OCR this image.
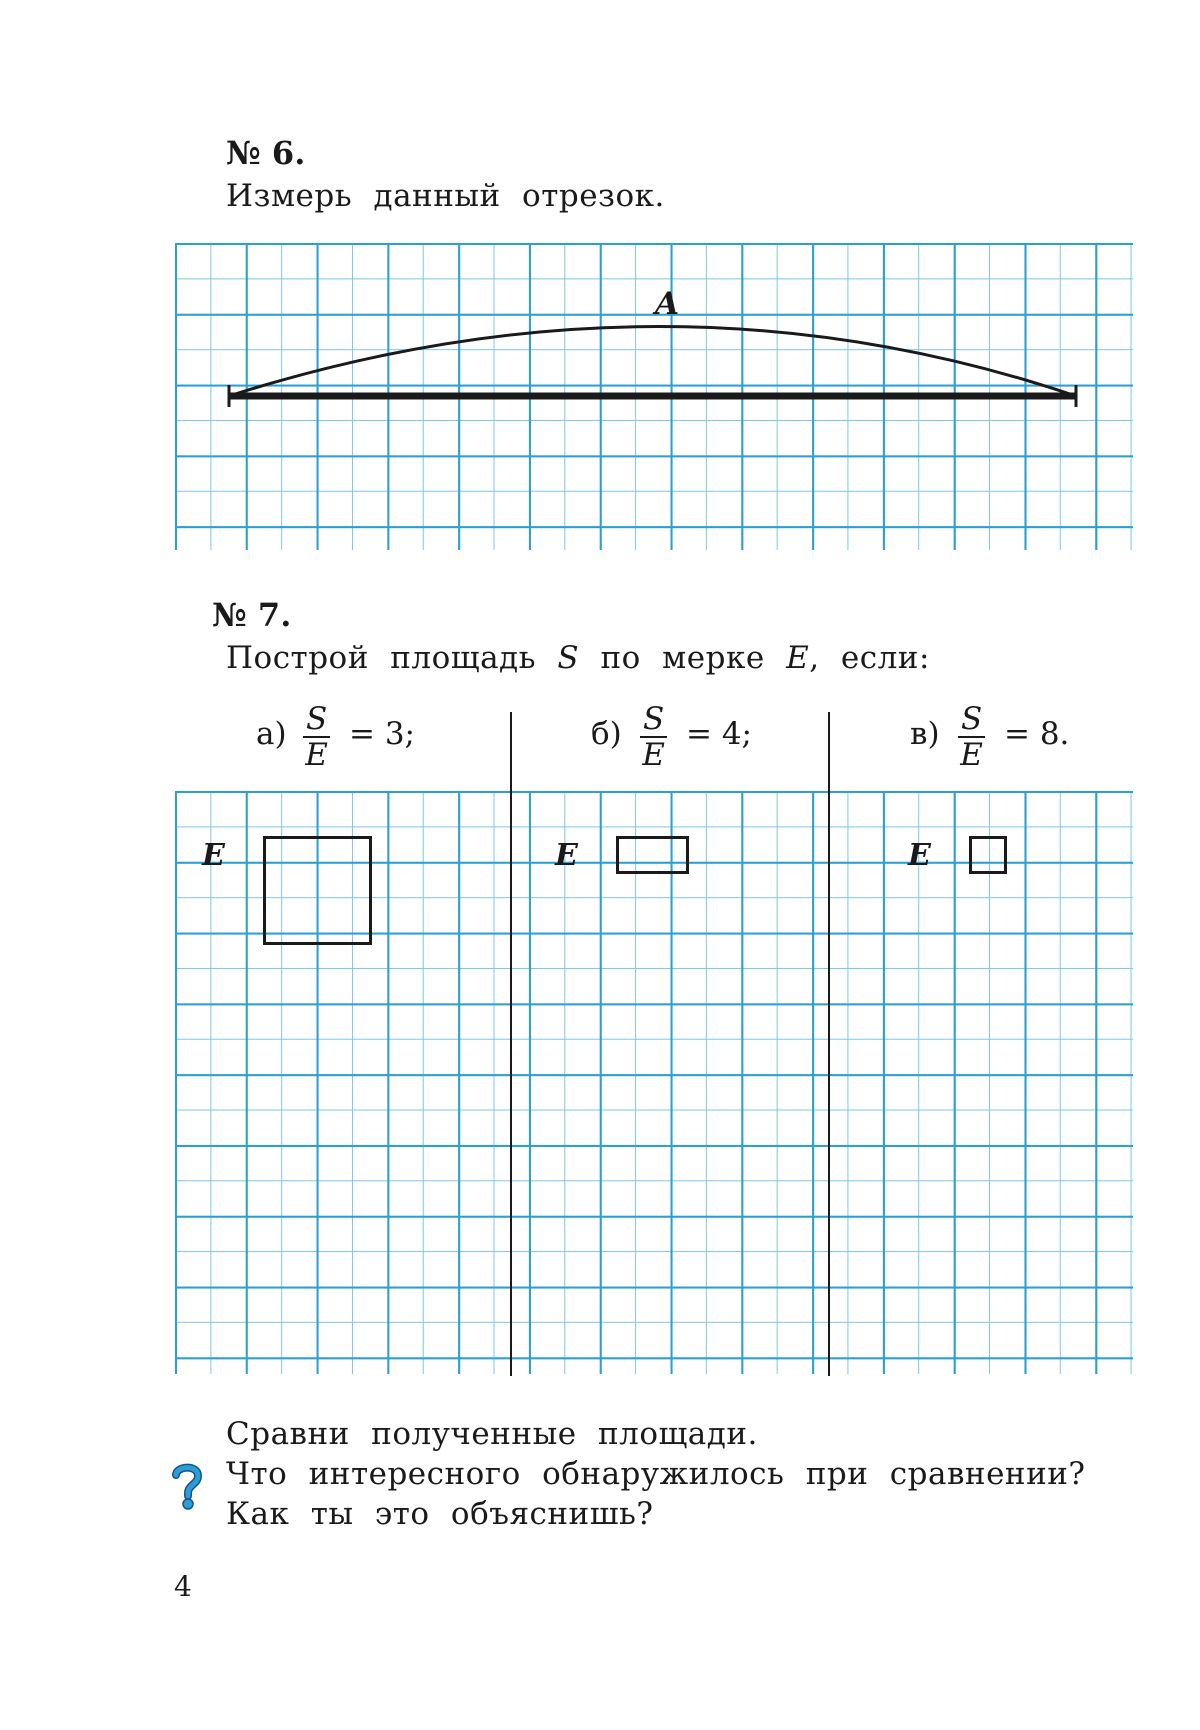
№ 6.
Измерь данный отрезок.
A
№ 7.
Построй площадь S по мерке E, если:
$а) \frac{S}{E} = 3$;	$б) \frac{S}{E} = 4$;	$в) \frac{S}{E} = 8$.
E	E	E
Сравни полученные площади.
Что интересного обнаружилось при сравнении?
Как ты это объяснишь?
4
